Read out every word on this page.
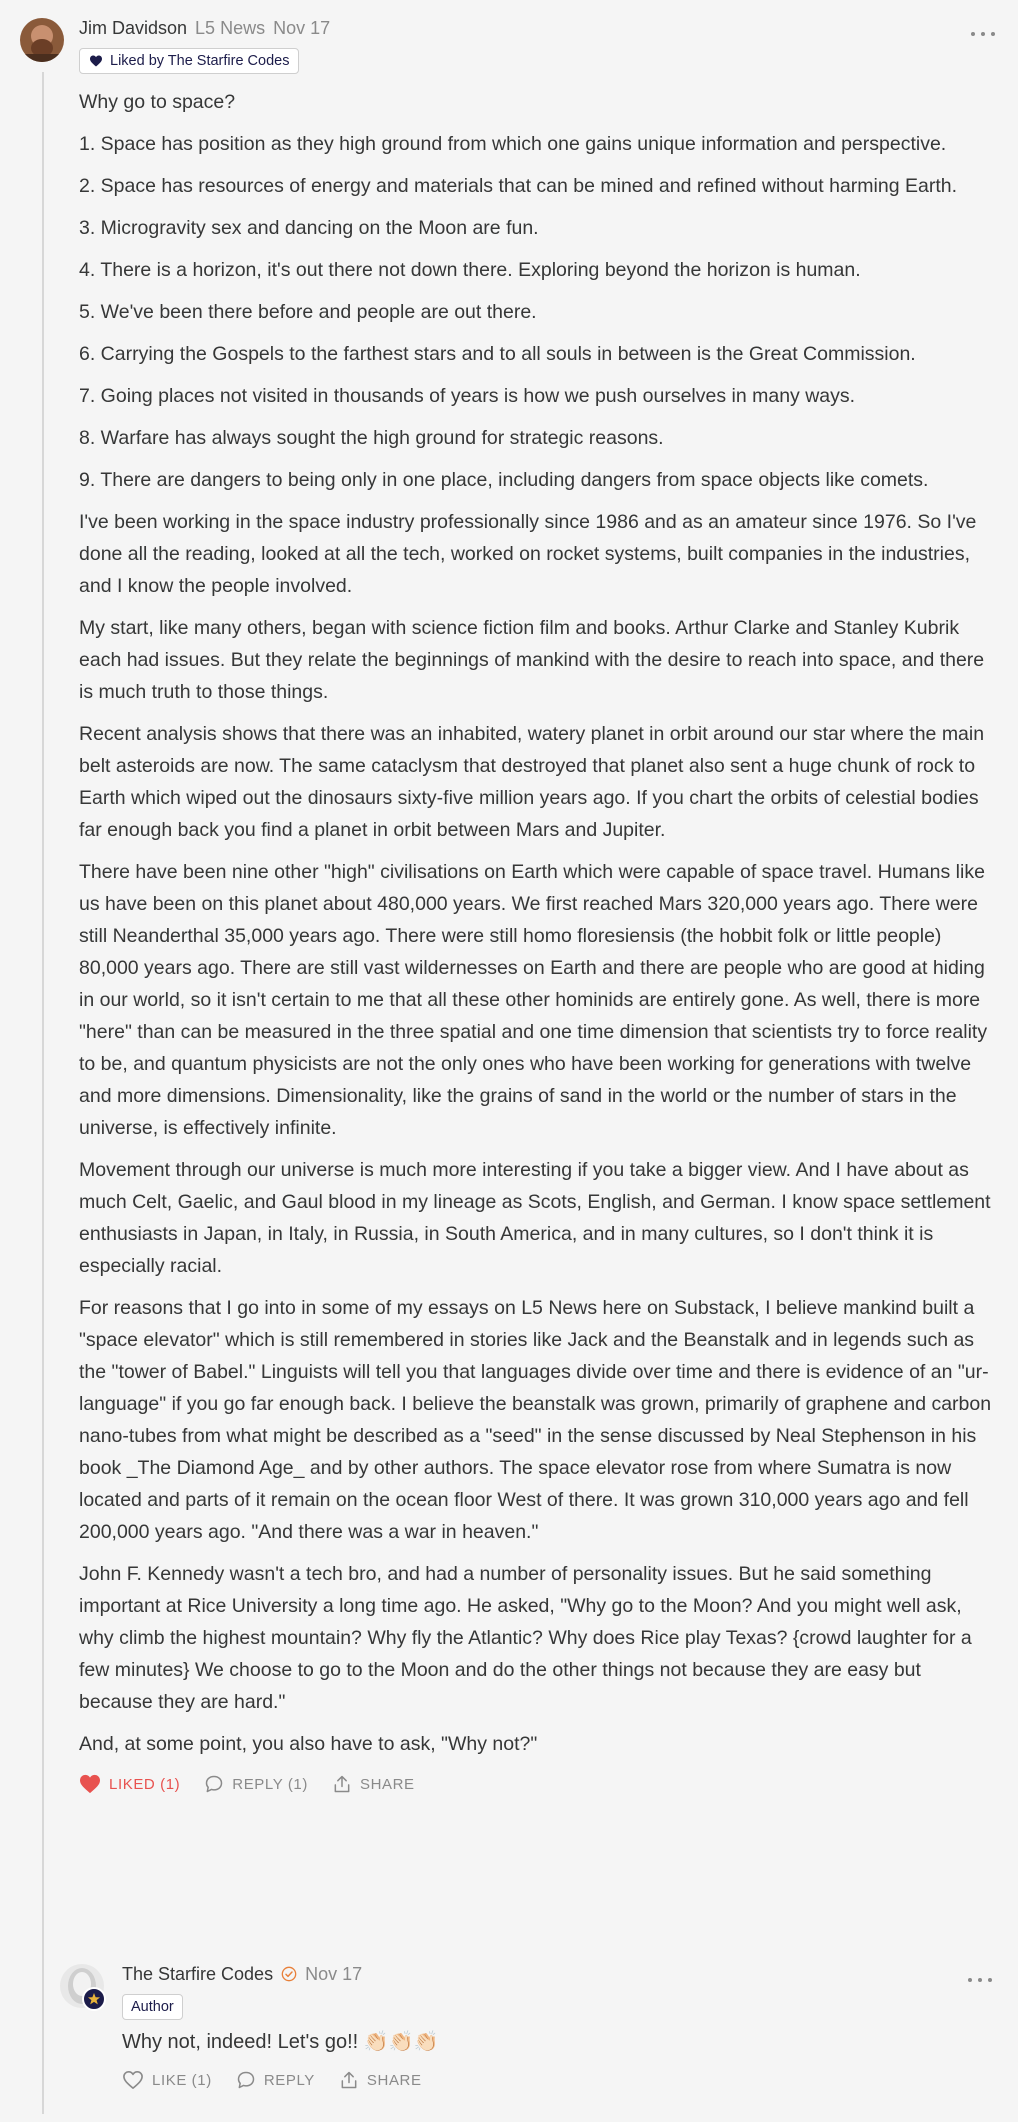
Jim Davidson L5 News Nov 17
Liked by The Starfire Codes

Why go to space?

1. Space has position as they high ground from which one gains unique information and perspective.

2. Space has resources of energy and materials that can be mined and refined without harming Earth.

3. Microgravity sex and dancing on the Moon are fun.

4. There is a horizon, it's out there not down there. Exploring beyond the horizon is human.

5. We've been there before and people are out there.

6. Carrying the Gospels to the farthest stars and to all souls in between is the Great Commission.

7. Going places not visited in thousands of years is how we push ourselves in many ways.

8. Warfare has always sought the high ground for strategic reasons.

9. There are dangers to being only in one place, including dangers from space objects like comets.

I've been working in the space industry professionally since 1986 and as an amateur since 1976. So I've done all the reading, looked at all the tech, worked on rocket systems, built companies in the industries, and I know the people involved.

My start, like many others, began with science fiction film and books. Arthur Clarke and Stanley Kubrik each had issues. But they relate the beginnings of mankind with the desire to reach into space, and there is much truth to those things.

Recent analysis shows that there was an inhabited, watery planet in orbit around our star where the main belt asteroids are now. The same cataclysm that destroyed that planet also sent a huge chunk of rock to Earth which wiped out the dinosaurs sixty-five million years ago. If you chart the orbits of celestial bodies far enough back you find a planet in orbit between Mars and Jupiter.

There have been nine other "high" civilisations on Earth which were capable of space travel. Humans like us have been on this planet about 480,000 years. We first reached Mars 320,000 years ago. There were still Neanderthal 35,000 years ago. There were still homo floresiensis (the hobbit folk or little people) 80,000 years ago. There are still vast wildernesses on Earth and there are people who are good at hiding in our world, so it isn't certain to me that all these other hominids are entirely gone. As well, there is more "here" than can be measured in the three spatial and one time dimension that scientists try to force reality to be, and quantum physicists are not the only ones who have been working for generations with twelve and more dimensions. Dimensionality, like the grains of sand in the world or the number of stars in the universe, is effectively infinite.

Movement through our universe is much more interesting if you take a bigger view. And I have about as much Celt, Gaelic, and Gaul blood in my lineage as Scots, English, and German. I know space settlement enthusiasts in Japan, in Italy, in Russia, in South America, and in many cultures, so I don't think it is especially racial.

For reasons that I go into in some of my essays on L5 News here on Substack, I believe mankind built a "space elevator" which is still remembered in stories like Jack and the Beanstalk and in legends such as the "tower of Babel." Linguists will tell you that languages divide over time and there is evidence of an "ur-language" if you go far enough back. I believe the beanstalk was grown, primarily of graphene and carbon nano-tubes from what might be described as a "seed" in the sense discussed by Neal Stephenson in his book _The Diamond Age_ and by other authors. The space elevator rose from where Sumatra is now located and parts of it remain on the ocean floor West of there. It was grown 310,000 years ago and fell 200,000 years ago. "And there was a war in heaven."

John F. Kennedy wasn't a tech bro, and had a number of personality issues. But he said something important at Rice University a long time ago. He asked, "Why go to the Moon? And you might well ask, why climb the highest mountain? Why fly the Atlantic? Why does Rice play Texas? {crowd laughter for a few minutes} We choose to go to the Moon and do the other things not because they are easy but because they are hard."

And, at some point, you also have to ask, "Why not?"

LIKED (1)	REPLY (1)	SHARE
The Starfire Codes Nov 17
Author

Why not, indeed! Let's go!! 👏🏻👏🏻👏🏻

LIKE (1)	REPLY	SHARE
